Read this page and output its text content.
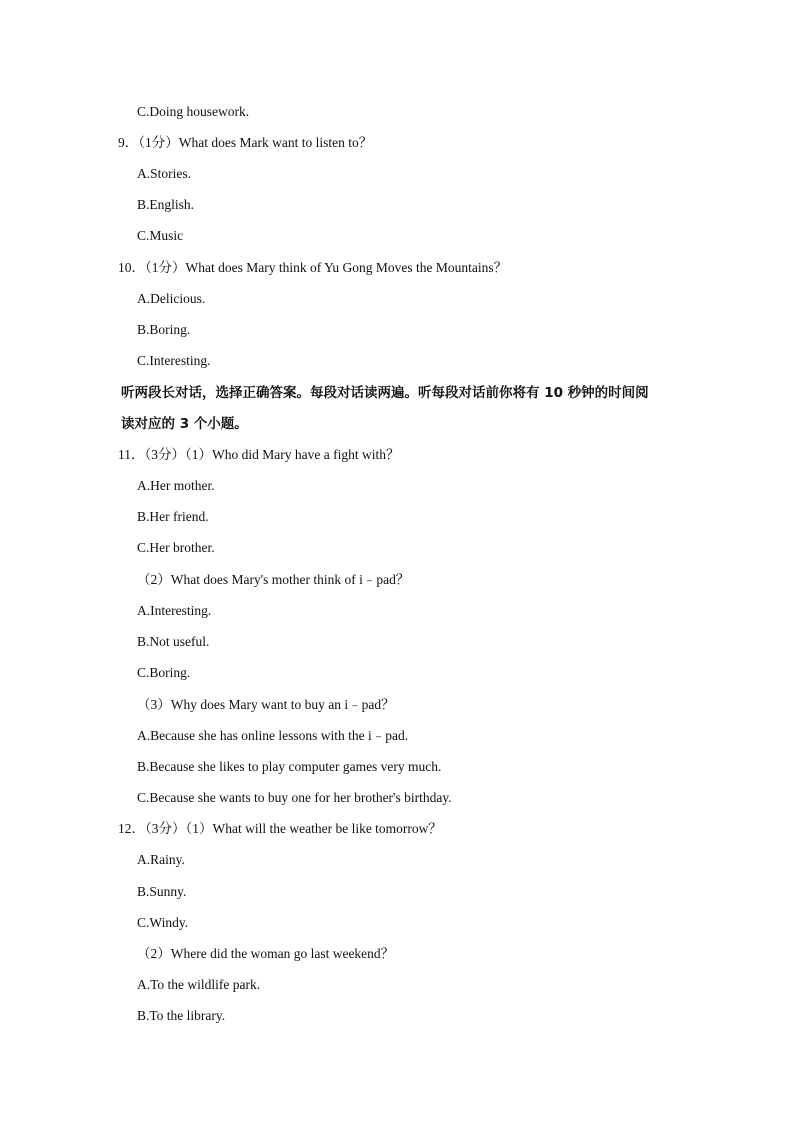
C.Doing housework.
9．（1分）What does Mark want to listen to？
A.Stories.
B.English.
C.Music
10．（1分）What does Mary think of Yu Gong Moves the Mountains？
A.Delicious.
B.Boring.
C.Interesting.
听两段长对话，选择正确答案。每段对话读两遍。听每段对话前你将有 10 秒钟的时间阅
读对应的 3 个小题。
11．（3分）（1）Who did Mary have a fight with？
A.Her mother.
B.Her friend.
C.Her brother.
（2）What does Mary's mother think of i﹣pad？
A.Interesting.
B.Not useful.
C.Boring.
（3）Why does Mary want to buy an i﹣pad？
A.Because she has online lessons with the i﹣pad.
B.Because she likes to play computer games very much.
C.Because she wants to buy one for her brother's birthday.
12．（3分）（1）What will the weather be like tomorrow？
A.Rainy.
B.Sunny.
C.Windy.
（2）Where did the woman go last weekend？
A.To the wildlife park.
B.To the library.
